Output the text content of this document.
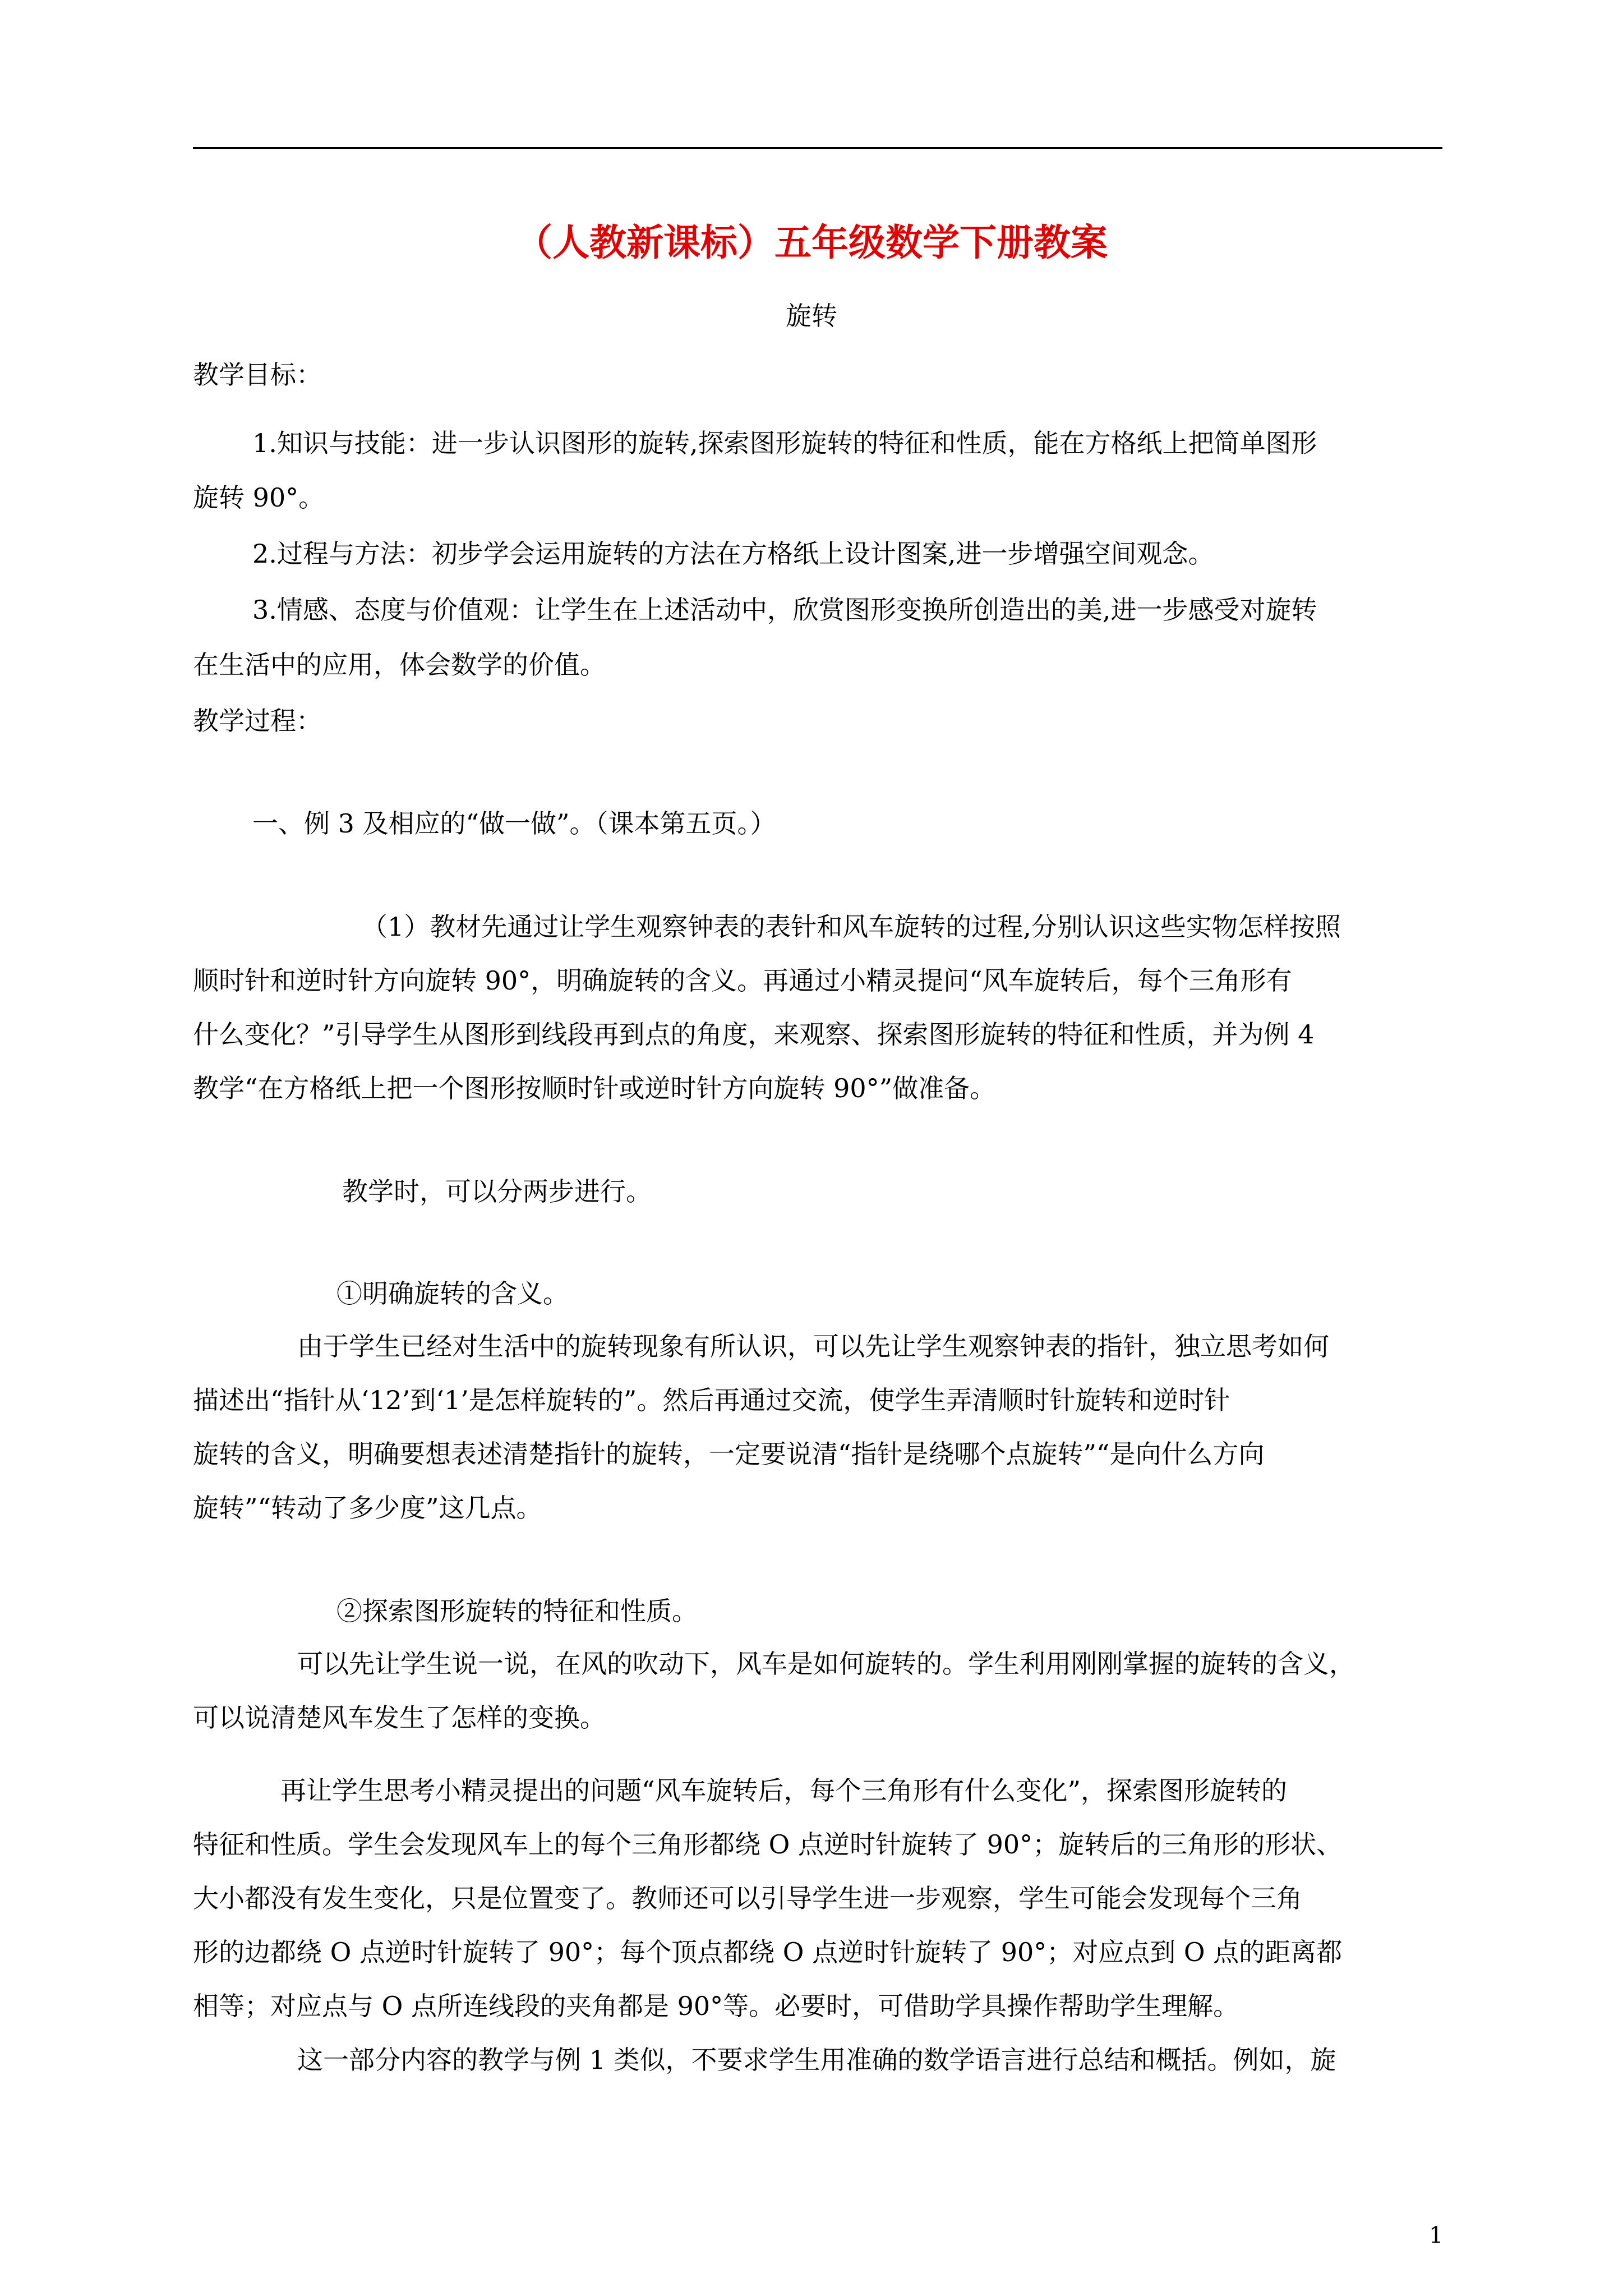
（人教新课标）五年级数学下册教案
旋转
教学目标：
1.知识与技能：进一步认识图形的旋转,探索图形旋转的特征和性质，能在方格纸上把简单图形
旋转 90°。
2.过程与方法：初步学会运用旋转的方法在方格纸上设计图案,进一步增强空间观念。
3.情感、态度与价值观：让学生在上述活动中，欣赏图形变换所创造出的美,进一步感受对旋转
在生活中的应用，体会数学的价值。
教学过程：
一、例 3 及相应的“做一做”。（课本第五页。）
（1）教材先通过让学生观察钟表的表针和风车旋转的过程,分别认识这些实物怎样按照
顺时针和逆时针方向旋转 90°，明确旋转的含义。再通过小精灵提问“风车旋转后，每个三角形有
什么变化？”引导学生从图形到线段再到点的角度，来观察、探索图形旋转的特征和性质，并为例 4
教学“在方格纸上把一个图形按顺时针或逆时针方向旋转 90°”做准备。
教学时，可以分两步进行。
①明确旋转的含义。
由于学生已经对生活中的旋转现象有所认识，可以先让学生观察钟表的指针，独立思考如何
描述出“指针从‘12’到‘1’是怎样旋转的”。然后再通过交流，使学生弄清顺时针旋转和逆时针
旋转的含义，明确要想表述清楚指针的旋转，一定要说清“指针是绕哪个点旋转”“是向什么方向
旋转”“转动了多少度”这几点。
②探索图形旋转的特征和性质。
可以先让学生说一说，在风的吹动下，风车是如何旋转的。学生利用刚刚掌握的旋转的含义，
可以说清楚风车发生了怎样的变换。
再让学生思考小精灵提出的问题“风车旋转后，每个三角形有什么变化”，探索图形旋转的
特征和性质。学生会发现风车上的每个三角形都绕 O 点逆时针旋转了 90°；旋转后的三角形的形状、
大小都没有发生变化，只是位置变了。教师还可以引导学生进一步观察，学生可能会发现每个三角
形的边都绕 O 点逆时针旋转了 90°；每个顶点都绕 O 点逆时针旋转了 90°；对应点到 O 点的距离都
相等；对应点与 O 点所连线段的夹角都是 90°等。必要时，可借助学具操作帮助学生理解。
这一部分内容的教学与例 1 类似，不要求学生用准确的数学语言进行总结和概括。例如，旋
1
